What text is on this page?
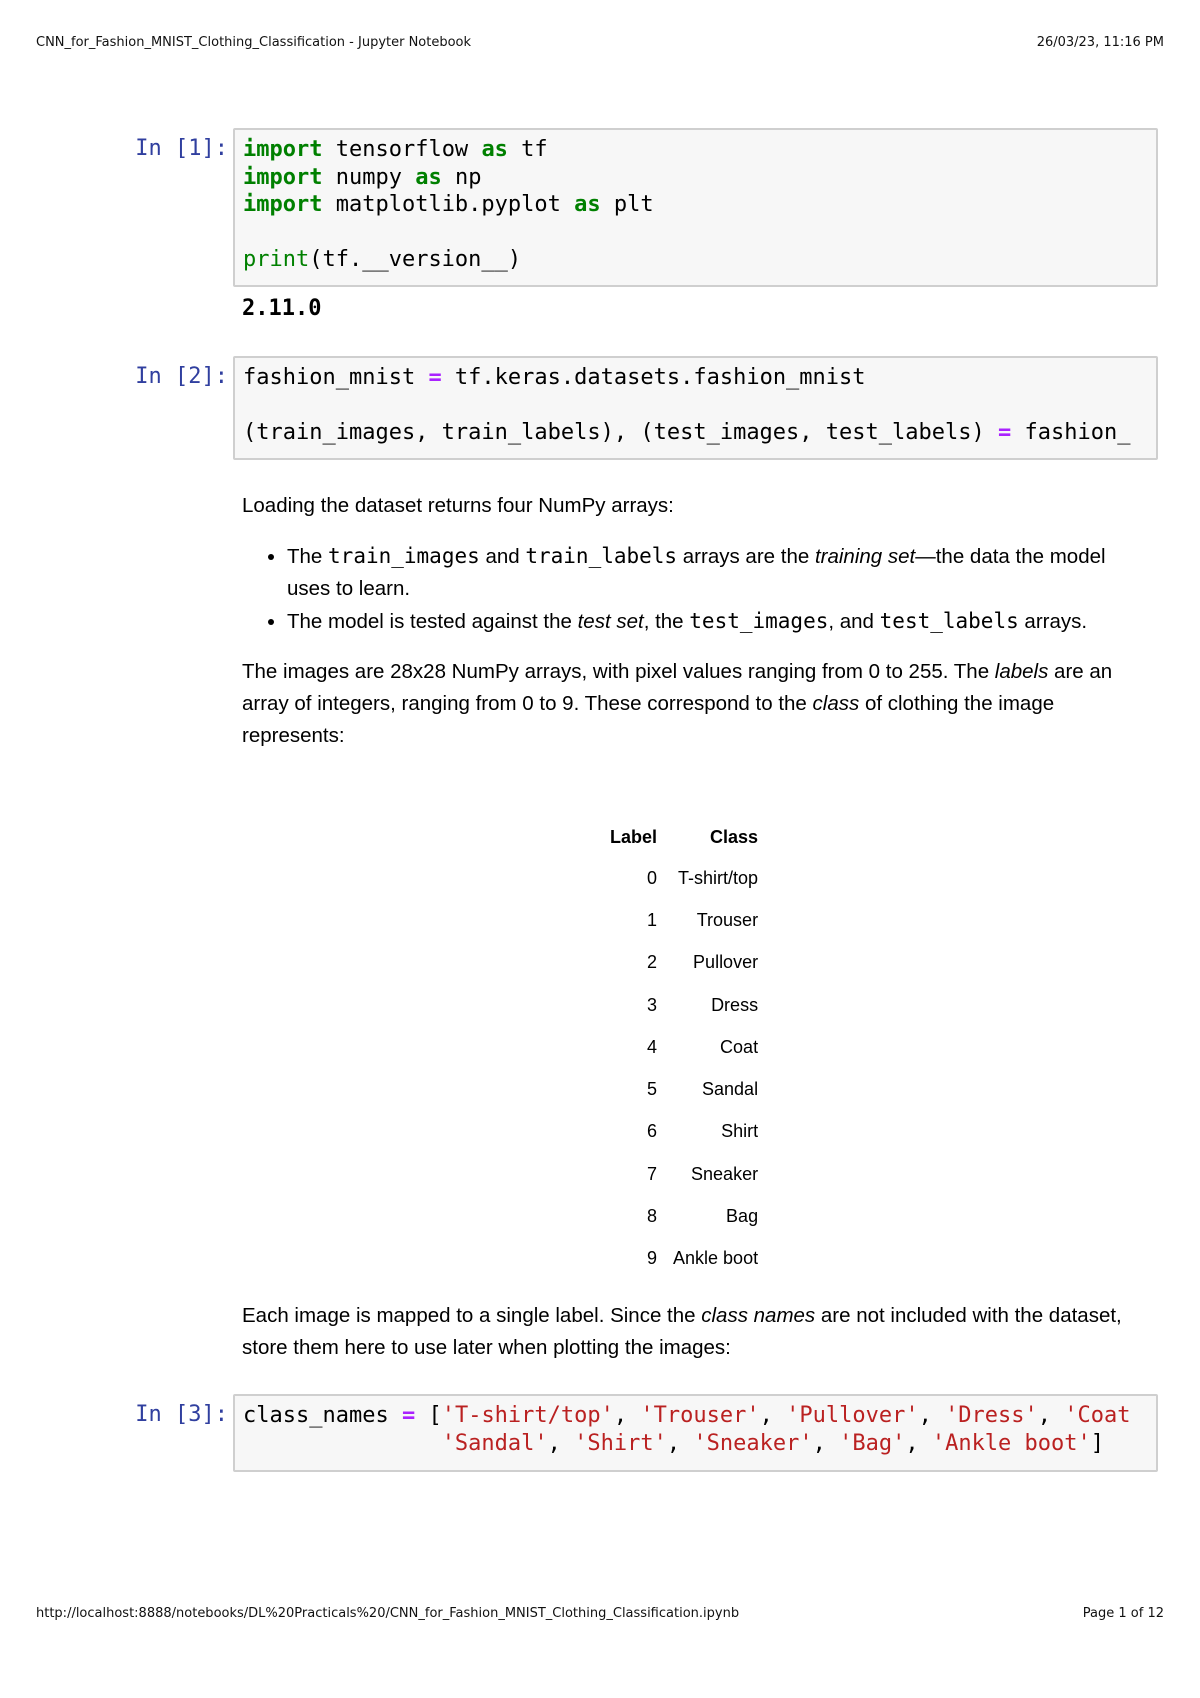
CNN_for_Fashion_MNIST_Clothing_Classification - Jupyter Notebook	26/03/23, 11:16 PM
In [1]: import tensorflow as tf
import numpy as np
import matplotlib.pyplot as plt

print(tf.__version__)
2.11.0
In [2]: fashion_mnist = tf.keras.datasets.fashion_mnist

(train_images, train_labels), (test_images, test_labels) = fashion_

Loading the dataset returns four NumPy arrays:

• The train_images and train_labels arrays are the training set—the data the model uses to learn.
• The model is tested against the test set, the test_images, and test_labels arrays.

The images are 28x28 NumPy arrays, with pixel values ranging from 0 to 255. The labels are an array of integers, ranging from 0 to 9. These correspond to the class of clothing the image represents:

Label	Class
0	T-shirt/top
1	Trouser
2	Pullover
3	Dress
4	Coat
5	Sandal
6	Shirt
7	Sneaker
8	Bag
9	Ankle boot

Each image is mapped to a single label. Since the class names are not included with the dataset, store them here to use later when plotting the images:

In [3]: class_names = ['T-shirt/top', 'Trouser', 'Pullover', 'Dress', 'Coat
'Sandal', 'Shirt', 'Sneaker', 'Bag', 'Ankle boot']
http://localhost:8888/notebooks/DL%20Practicals%20/CNN_for_Fashion_MNIST_Clothing_Classification.ipynb	Page 1 of 12
